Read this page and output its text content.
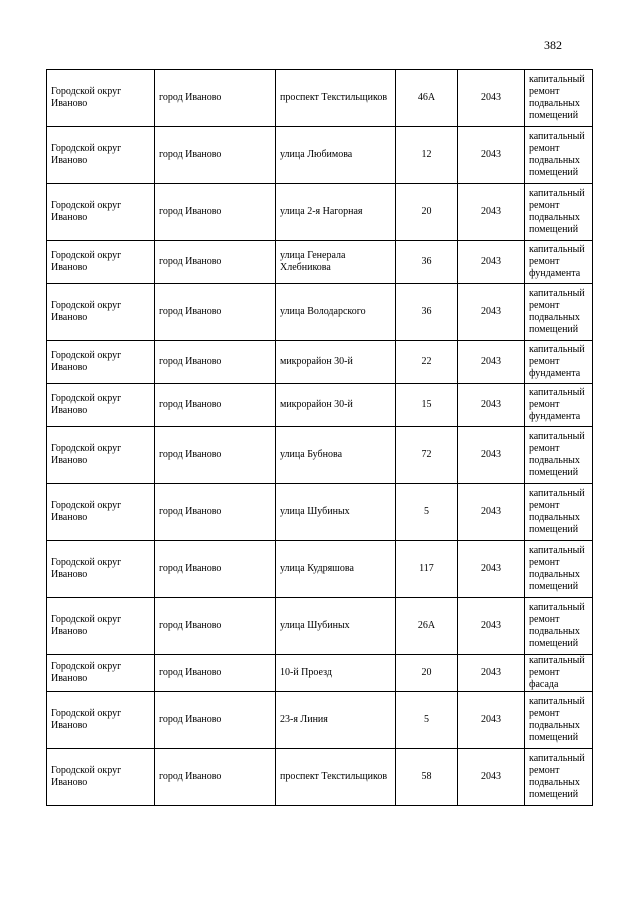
382
Городской округ Иваново	город Иваново	проспект Текстильщиков	46А	2043	капитальный ремонт подвальных помещений
Городской округ Иваново	город Иваново	улица Любимова	12	2043	капитальный ремонт подвальных помещений
Городской округ Иваново	город Иваново	улица 2-я Нагорная	20	2043	капитальный ремонт подвальных помещений
Городской округ Иваново	город Иваново	улица Генерала Хлебникова	36	2043	капитальный ремонт фундамента
Городской округ Иваново	город Иваново	улица Володарского	36	2043	капитальный ремонт подвальных помещений
Городской округ Иваново	город Иваново	микрорайон 30-й	22	2043	капитальный ремонт фундамента
Городской округ Иваново	город Иваново	микрорайон 30-й	15	2043	капитальный ремонт фундамента
Городской округ Иваново	город Иваново	улица Бубнова	72	2043	капитальный ремонт подвальных помещений
Городской округ Иваново	город Иваново	улица Шубиных	5	2043	капитальный ремонт подвальных помещений
Городской округ Иваново	город Иваново	улица Кудряшова	117	2043	капитальный ремонт подвальных помещений
Городской округ Иваново	город Иваново	улица Шубиных	26А	2043	капитальный ремонт подвальных помещений
Городской округ Иваново	город Иваново	10-й Проезд	20	2043	капитальный ремонт фасада
Городской округ Иваново	город Иваново	23-я Линия	5	2043	капитальный ремонт подвальных помещений
Городской округ Иваново	город Иваново	проспект Текстильщиков	58	2043	капитальный ремонт подвальных помещений
